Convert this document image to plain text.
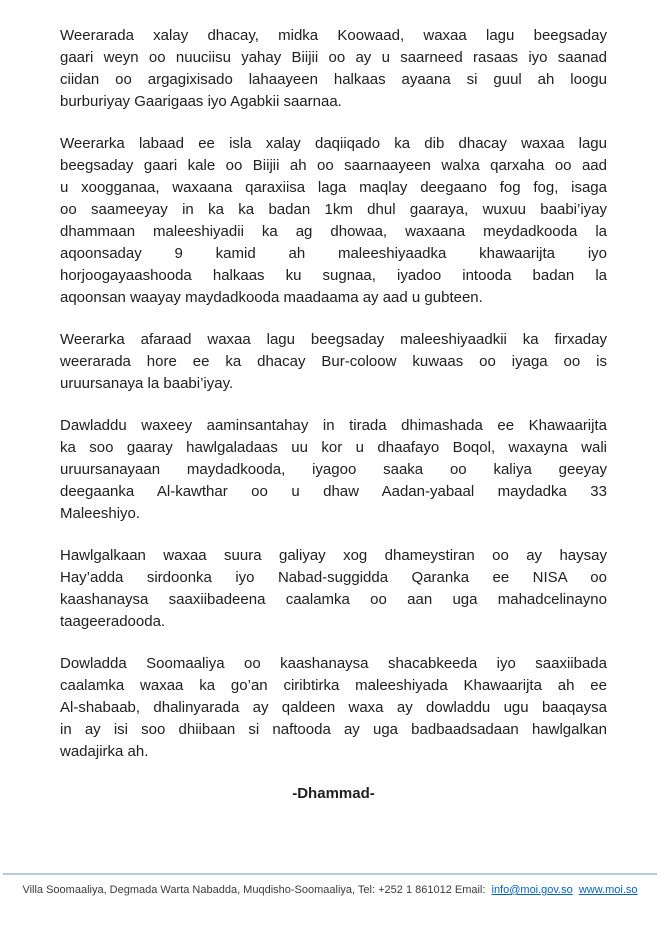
Weerarada xalay dhacay, midka Koowaad, waxaa lagu beegsaday
gaari weyn oo nuuciisu yahay Biijii oo ay u saarneed rasaas iyo saanad
ciidan oo argagixisado lahaayeen halkaas ayaana si guul ah loogu
burburiyay Gaarigaas iyo Agabkii saarnaa.
Weerarka labaad ee isla xalay daqiiqado ka dib dhacay waxaa lagu
beegsaday gaari kale oo Biijii ah oo saarnaayeen walxa qarxaha oo aad
u xoogganaa, waxaana qaraxiisa laga maqlay deegaano fog fog, isaga
oo saameeyay in ka ka badan 1km dhul gaaraya, wuxuu baabi’iyay
dhammaan maleeshiyadii ka ag dhowaa, waxaana meydadkooda la
aqoonsaday 9 kamid ah maleeshiyaadka khawaarijta iyo
horjoogayaashooda halkaas ku sugnaa, iyadoo intooda badan la
aqoonsan waayay maydadkooda maadaama ay aad u gubteen.
Weerarka afaraad waxaa lagu beegsaday maleeshiyaadkii ka firxaday
weerarada hore ee ka dhacay Bur-coloow kuwaas oo iyaga oo is
uruursanaya la baabi’iyay.
Dawladdu waxeey aaminsantahay in tirada dhimashada ee Khawaarijta
ka soo gaaray hawlgaladaas uu kor u dhaafayo Boqol, waxayna wali
uruursanayaan maydadkooda, iyagoo saaka oo kaliya geeyay
deegaanka Al-kawthar oo u dhaw Aadan-yabaal maydadka 33
Maleeshiyo.
Hawlgalkaan waxaa suura galiyay xog dhameystiran oo ay haysay
Hay’adda sirdoonka iyo Nabad-suggidda Qaranka ee NISA oo
kaashanaysa saaxiibadeena caalamka oo aan uga mahadcelinayno
taageeradooda.
Dowladda Soomaaliya oo kaashanaysa shacabkeeda iyo saaxiibada
caalamka waxaa ka go’an ciribtirka maleeshiyada Khawaarijta ah ee
Al-shabaab, dhalinyarada ay qaldeen waxa ay dowladdu ugu baaqaysa
in ay isi soo dhiibaan si naftooda ay uga badbaadsadaan hawlgalkan
wadajirka ah.
-Dhammad-
Villa Soomaaliya, Degmada Warta Nabadda, Muqdisho-Soomaaliya, Tel: +252 1 861012 Email: info@moi.gov.so www.moi.so
